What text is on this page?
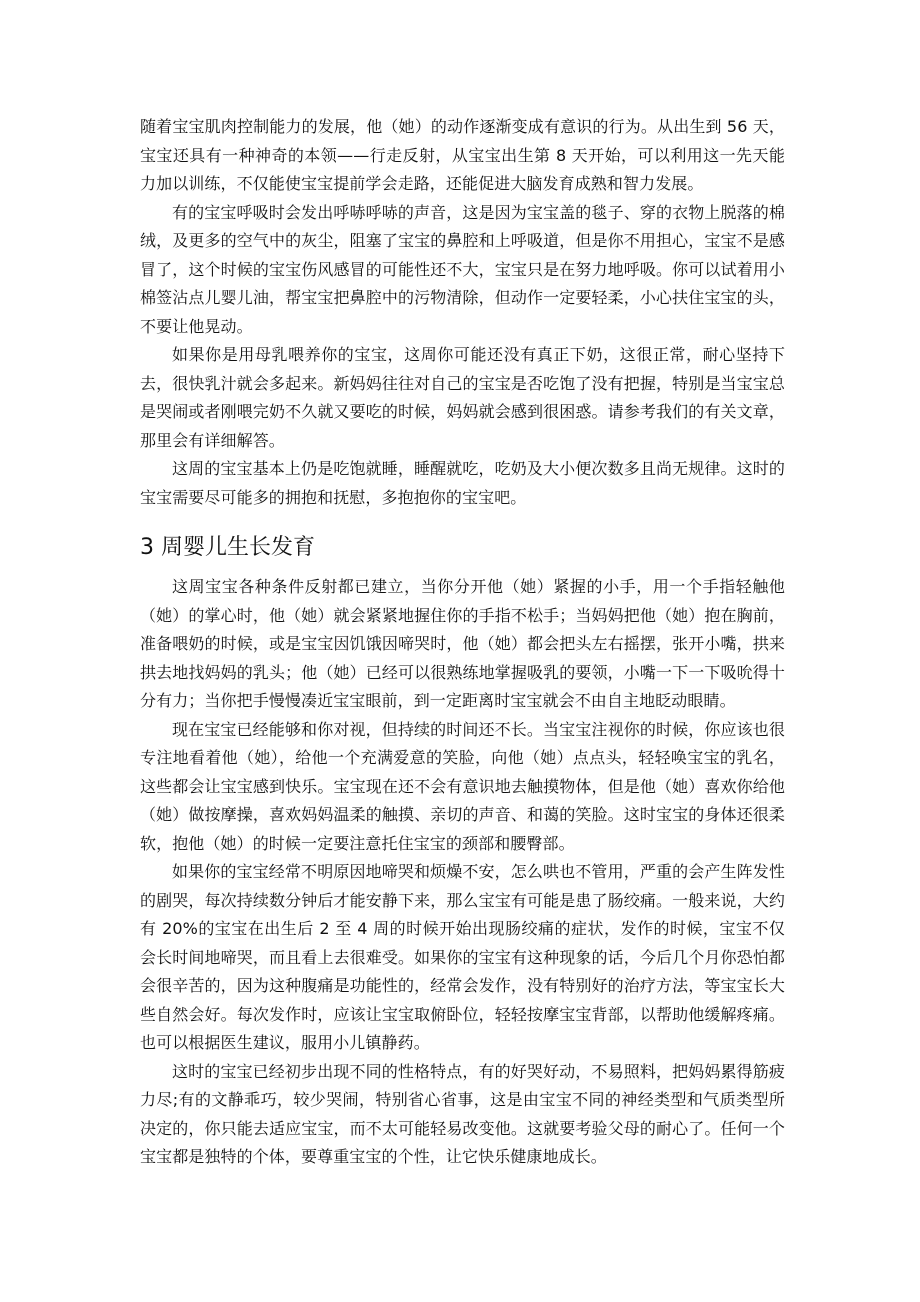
随着宝宝肌肉控制能力的发展，他（她）的动作逐渐变成有意识的行为。从出生到 56 天，宝宝还具有一种神奇的本领——行走反射，从宝宝出生第 8 天开始，可以利用这一先天能力加以训练，不仅能使宝宝提前学会走路，还能促进大脑发育成熟和智力发展。

有的宝宝呼吸时会发出呼哧呼哧的声音，这是因为宝宝盖的毯子、穿的衣物上脱落的棉绒，及更多的空气中的灰尘，阻塞了宝宝的鼻腔和上呼吸道，但是你不用担心，宝宝不是感冒了，这个时候的宝宝伤风感冒的可能性还不大，宝宝只是在努力地呼吸。你可以试着用小棉签沾点儿婴儿油，帮宝宝把鼻腔中的污物清除，但动作一定要轻柔，小心扶住宝宝的头，不要让他晃动。

如果你是用母乳喂养你的宝宝，这周你可能还没有真正下奶，这很正常，耐心坚持下去，很快乳汁就会多起来。新妈妈往往对自己的宝宝是否吃饱了没有把握，特别是当宝宝总是哭闹或者刚喂完奶不久就又要吃的时候，妈妈就会感到很困惑。请参考我们的有关文章，那里会有详细解答。

这周的宝宝基本上仍是吃饱就睡，睡醒就吃，吃奶及大小便次数多且尚无规律。这时的宝宝需要尽可能多的拥抱和抚慰，多抱抱你的宝宝吧。

3 周婴儿生长发育

这周宝宝各种条件反射都已建立，当你分开他（她）紧握的小手，用一个手指轻触他（她）的掌心时，他（她）就会紧紧地握住你的手指不松手；当妈妈把他（她）抱在胸前，准备喂奶的时候，或是宝宝因饥饿因啼哭时，他（她）都会把头左右摇摆，张开小嘴，拱来拱去地找妈妈的乳头；他（她）已经可以很熟练地掌握吸乳的要领，小嘴一下一下吸吮得十分有力；当你把手慢慢凑近宝宝眼前，到一定距离时宝宝就会不由自主地眨动眼睛。

现在宝宝已经能够和你对视，但持续的时间还不长。当宝宝注视你的时候，你应该也很专注地看着他（她），给他一个充满爱意的笑脸，向他（她）点点头，轻轻唤宝宝的乳名，这些都会让宝宝感到快乐。宝宝现在还不会有意识地去触摸物体，但是他（她）喜欢你给他（她）做按摩操，喜欢妈妈温柔的触摸、亲切的声音、和蔼的笑脸。这时宝宝的身体还很柔软，抱他（她）的时候一定要注意托住宝宝的颈部和腰臀部。

如果你的宝宝经常不明原因地啼哭和烦燥不安，怎么哄也不管用，严重的会产生阵发性的剧哭，每次持续数分钟后才能安静下来，那么宝宝有可能是患了肠绞痛。一般来说，大约有 20%的宝宝在出生后 2 至 4 周的时候开始出现肠绞痛的症状，发作的时候，宝宝不仅会长时间地啼哭，而且看上去很难受。如果你的宝宝有这种现象的话，今后几个月你恐怕都会很辛苦的，因为这种腹痛是功能性的，经常会发作，没有特别好的治疗方法，等宝宝长大些自然会好。每次发作时，应该让宝宝取俯卧位，轻轻按摩宝宝背部，以帮助他缓解疼痛。也可以根据医生建议，服用小儿镇静药。

这时的宝宝已经初步出现不同的性格特点，有的好哭好动，不易照料，把妈妈累得筋疲力尽;有的文静乖巧，较少哭闹，特别省心省事，这是由宝宝不同的神经类型和气质类型所决定的，你只能去适应宝宝，而不太可能轻易改变他。这就要考验父母的耐心了。任何一个宝宝都是独特的个体，要尊重宝宝的个性，让它快乐健康地成长。
